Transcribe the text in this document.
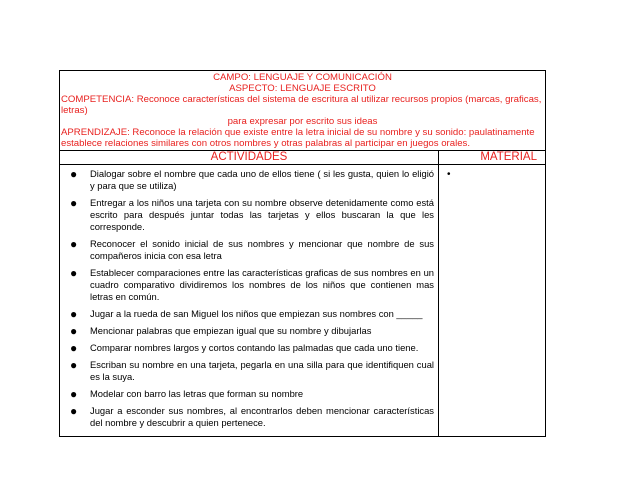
CAMPO: LENGUAJE Y COMUNICACIÓN
ASPECTO: LENGUAJE ESCRITO
COMPETENCIA: Reconoce características del sistema de escritura al utilizar recursos propios (marcas, graficas, letras)
para expresar por escrito sus ideas
APRENDIZAJE: Reconoce la relación que existe entre la letra inicial de su nombre y su sonido: paulatinamente
establece relaciones similares con otros nombres y otras palabras al participar en juegos orales.
ACTIVIDADES	MATERIAL
● Dialogar sobre el nombre que cada uno de ellos tiene ( si les gusta, quien lo eligió y para que se utiliza)
● Entregar a los niños una tarjeta con su nombre observe detenidamente como está escrito para después juntar todas las tarjetas y ellos buscaran la que les corresponde.
● Reconocer el sonido inicial de sus nombres y mencionar que nombre de sus compañeros inicia con esa letra
● Establecer comparaciones entre las características graficas de sus nombres en un cuadro comparativo dividiremos los nombres de los niños que contienen mas letras en común.
● Jugar a la rueda de san Miguel los niños que empiezan sus nombres con _____
● Mencionar palabras que empiezan igual que su nombre y dibujarlas
● Comparar nombres largos y cortos contando las palmadas que cada uno tiene.
● Escriban su nombre en una tarjeta, pegarla en una silla para que identifiquen cual es la suya.
● Modelar con barro las letras que forman su nombre
● Jugar a esconder sus nombres, al encontrarlos deben mencionar características del nombre y descubrir a quien pertenece.
•
